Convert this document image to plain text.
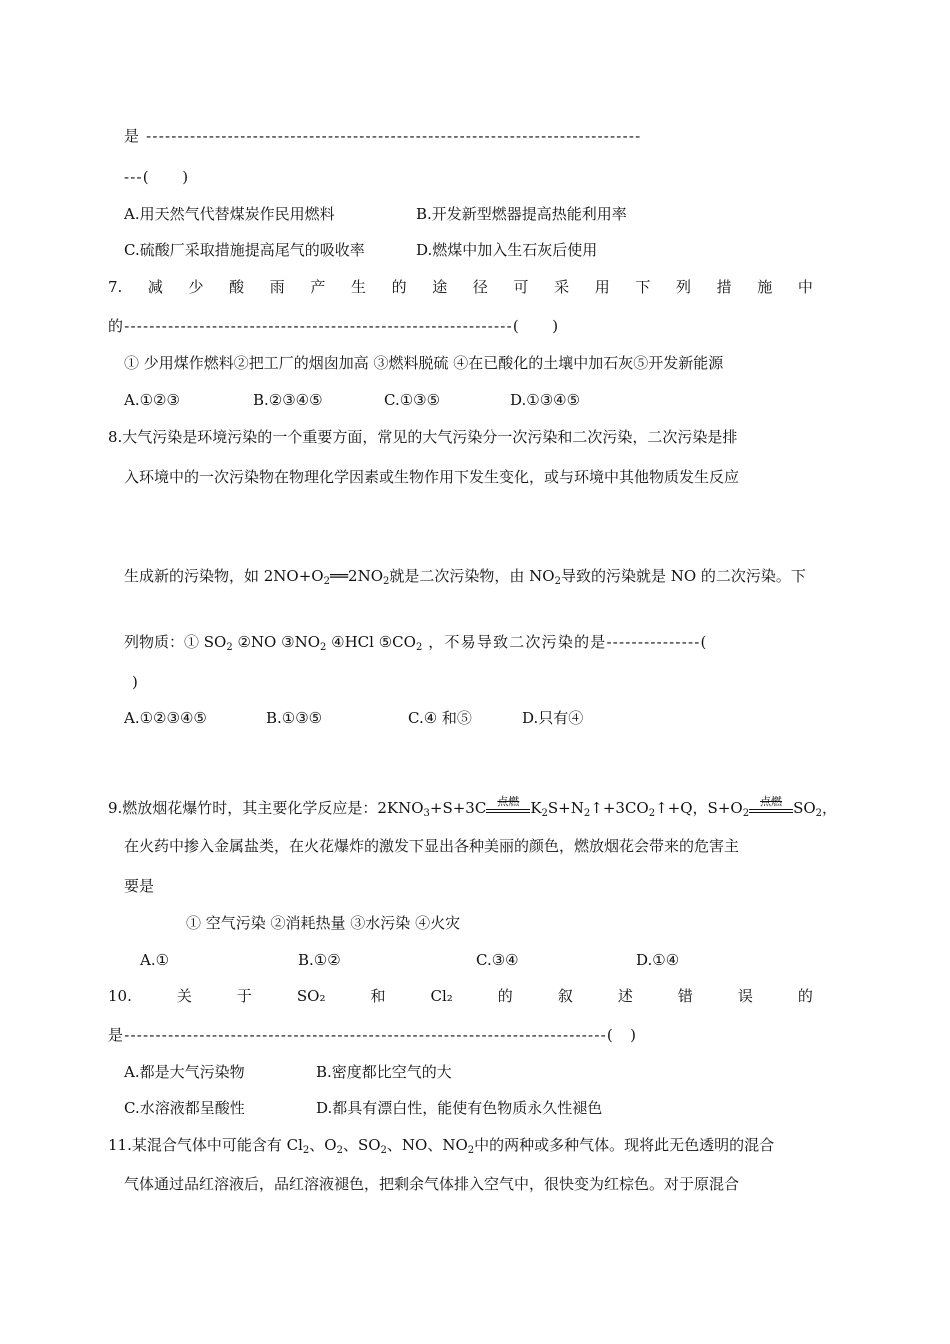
是 -------------------------------------------------------------------------------
---(　　)
A.用天然气代替煤炭作民用燃料	B.开发新型燃器提高热能利用率
C.硫酸厂采取措施提高尾气的吸收率	D.燃煤中加入生石灰后使用
7. 减 少 酸 雨 产 生 的 途 径 可 采 用 下 列 措 施 中
的--------------------------------------------------------------(　　)
① 少用煤作燃料②把工厂的烟囱加高 ③燃料脱硫 ④在已酸化的土壤中加石灰⑤开发新能源
A.①②③	B.②③④⑤	C.①③⑤	D.①③④⑤
8.大气污染是环境污染的一个重要方面，常见的大气污染分一次污染和二次污染，二次污染是排
入环境中的一次污染物在物理化学因素或生物作用下发生变化，或与环境中其他物质发生反应
生成新的污染物，如 $2NO+O_2══2NO_2$就是二次污染物，由 $NO_2$导致的污染就是 NO 的二次污染。下
列物质：① $SO_2$ ②NO $③NO_2$ ④HCl $⑤CO_2$ ，不易导致二次污染的是---------------(
)
A.①②③④⑤	B.①③⑤	C.④ 和⑤	D.只有④
9.燃放烟花爆竹时，其主要化学反应是：$2KNO_3+S+3C$	点燃 $K_2S+N_2↑+3CO_2↑+Q$，$S+O_2$
点燃 $SO_2$，
在火药中掺入金属盐类，在火花爆炸的激发下显出各种美丽的颜色，燃放烟花会带来的危害主
要是
① 空气污染 ②消耗热量 ③水污染 ④火灾
A.①	B.①②	C.③④	D.①④
10.	关	于	SO₂	和	Cl₂	的	叙	述	错	误	的
是-----------------------------------------------------------------------------(　)
A.都是大气污染物	B.密度都比空气的大
C.水溶液都呈酸性	D.都具有漂白性，能使有色物质永久性褪色
11.某混合气体中可能含有 $Cl_2$、$O_2$、$SO_2$、NO、$NO_2$中的两种或多种气体。现将此无色透明的混合
气体通过品红溶液后，品红溶液褪色，把剩余气体排入空气中，很快变为红棕色。对于原混合
